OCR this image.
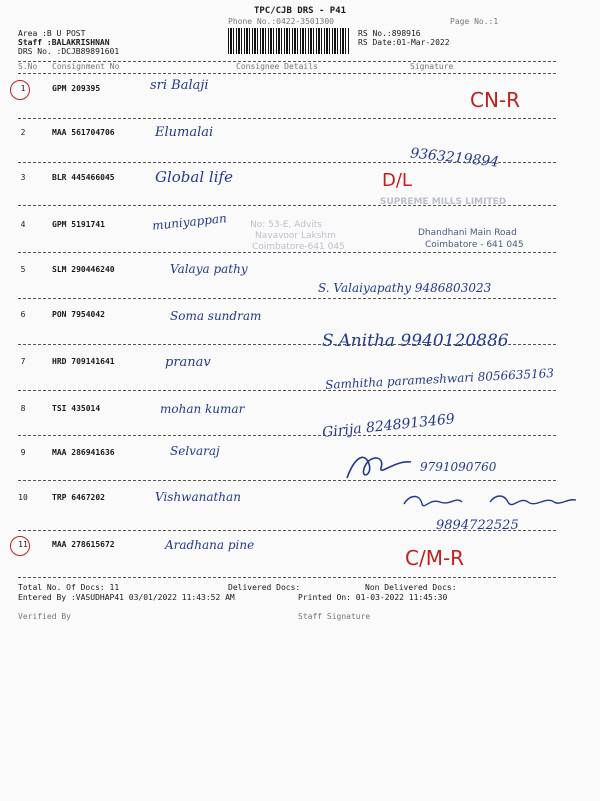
TPC/CJB DRS - P41
Phone No.:0422-3501300	Page No.:1
Area :B U POST
Staff :BALAKRISHNAN
DRS No. :DCJB89891601
RS No.:898916
RS Date:01-Mar-2022
S.No Consignment No	Consignee Details	Signature
1	GPM 209395	sri Balaji
CN-R
2	MAA 561704706	Elumalai
9363219894
3	BLR 445466045	Global life	D/L
SUPREME MILLS LIMITED
4	GPM 5191741	muniyappan	No: 53-E, Advits
Navavoor Lakshm
Coimbatore-641 045
Dhandhani Main Road
Coimbatore - 641 045
5	SLM 290446240	Valaya pathy
S. Valaiyapathy 9486803023
6	PON 7954042	Soma sundram
S.Anitha 9940120886
7	HRD 709141641	pranav
Samhitha parameshwari 8056635163
8	TSI 435014	mohan kumar
Girija 8248913469
9	MAA 286941636	Selvaraj
9791090760
10	TRP 6467202	Vishwanathan
9894722525
11	MAA 278615672	Aradhana pine
C/M-R
Total No. Of Docs: 11	Delivered Docs:	Non Delivered Docs:
Entered By :VASUDHAP41 03/01/2022 11:43:52 AM	Printed On: 01-03-2022 11:45:30
Verified By	Staff Signature
